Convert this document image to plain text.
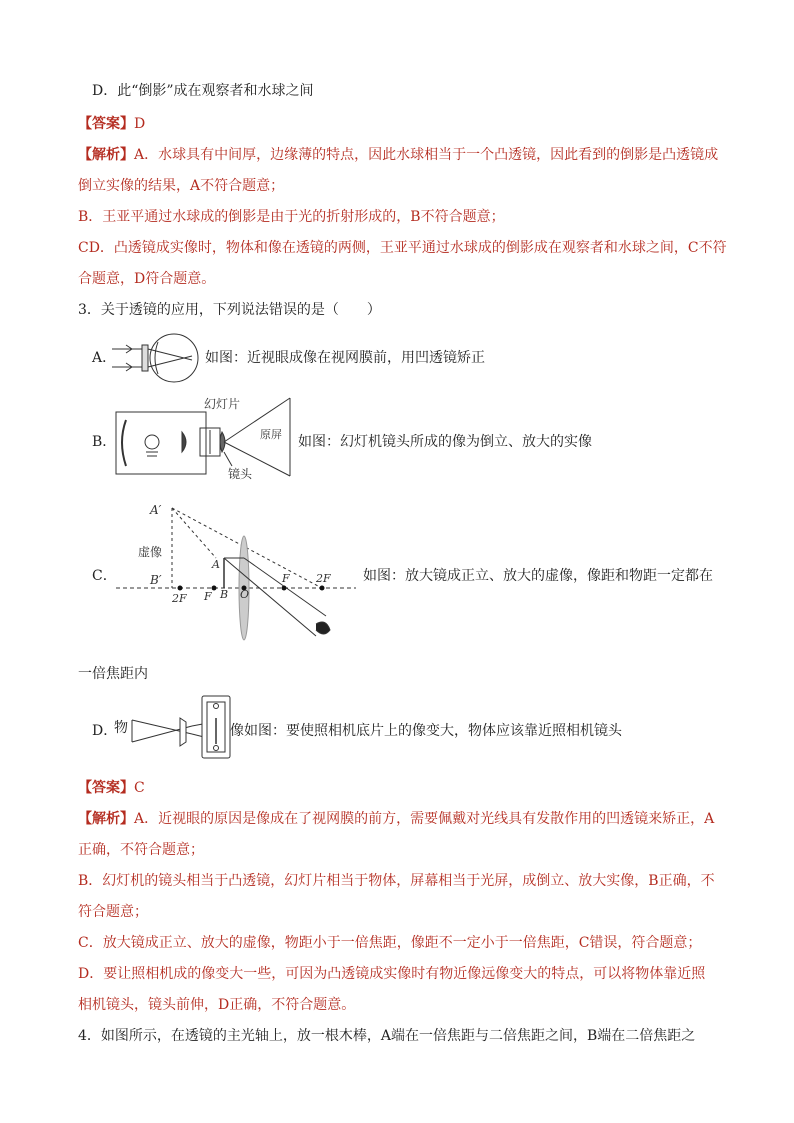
D．此“倒影”成在观察者和水球之间
【答案】D
【解析】A．水球具有中间厚，边缘薄的特点，因此水球相当于一个凸透镜，因此看到的倒影是凸透镜成
倒立实像的结果，A不符合题意；
B．王亚平通过水球成的倒影是由于光的折射形成的，B不符合题意；
CD．凸透镜成实像时，物体和像在透镜的两侧，王亚平通过水球成的倒影成在观察者和水球之间，C不符
合题意，D符合题意。
3．关于透镜的应用，下列说法错误的是（　　）
A．	如图：近视眼成像在视网膜前，用凹透镜矫正
B．
幻灯片
原屏
镜头
如图：幻灯机镜头所成的像为倒立、放大的实像
C．
A′
虚像
B′
A
2F F B O
F 2F 如图：放大镜成正立、放大的虚像，像距和物距一定都在
一倍焦距内
D．
物	像 如图：要使照相机底片上的像变大，物体应该靠近照相机镜头
【答案】C
【解析】A．近视眼的原因是像成在了视网膜的前方，需要佩戴对光线具有发散作用的凹透镜来矫正，A
正确，不符合题意；
B．幻灯机的镜头相当于凸透镜，幻灯片相当于物体，屏幕相当于光屏，成倒立、放大实像，B正确，不
符合题意；
C．放大镜成正立、放大的虚像，物距小于一倍焦距，像距不一定小于一倍焦距，C错误，符合题意；
D．要让照相机成的像变大一些，可因为凸透镜成实像时有物近像远像变大的特点，可以将物体靠近照
相机镜头，镜头前伸，D正确，不符合题意。
4．如图所示，在透镜的主光轴上，放一根木棒，A端在一倍焦距与二倍焦距之间，B端在二倍焦距之
